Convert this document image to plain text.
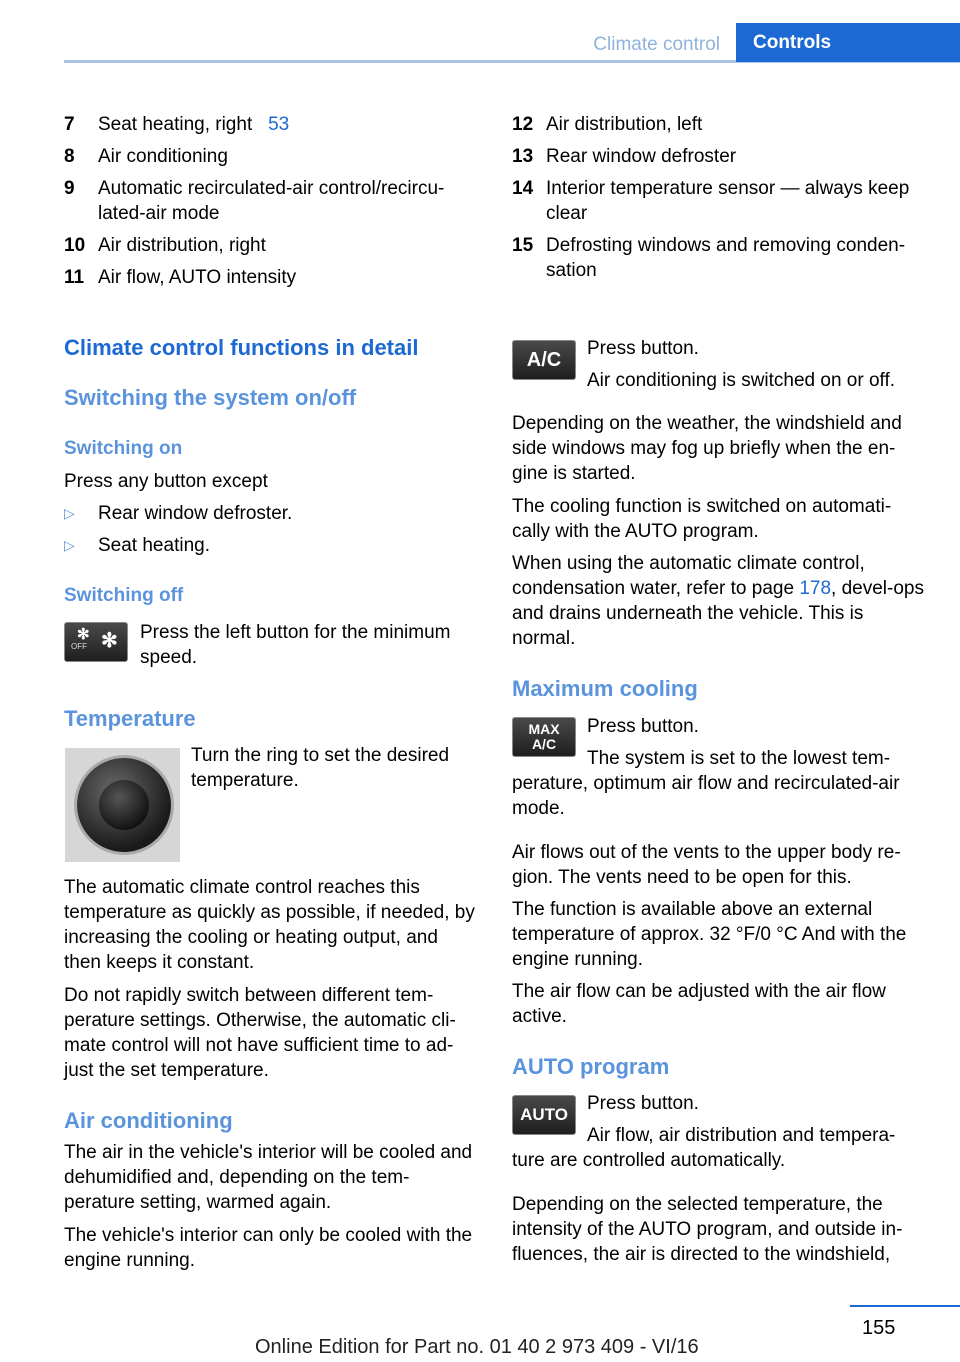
Climate control	Controls
7	Seat heating, right 53
8	Air conditioning
9	Automatic recirculated-air control/recircu-lated-air mode
10 Air distribution, right
11 Air flow, AUTO intensity
12 Air distribution, left
13 Rear window defroster
14 Interior temperature sensor — always keep clear
15 Defrosting windows and removing conden-sation
Climate control functions in detail
Switching the system on/off
Switching on
Press any button except
▷	Rear window defroster.
▷	Seat heating.
Switching off
OFF
✻ ✻ Press the left button for the minimum speed.
Temperature
Turn the ring to set the desired temperature.
The automatic climate control reaches this temperature as quickly as possible, if needed, by increasing the cooling or heating output, and then keeps it constant.
Do not rapidly switch between different tem-perature settings. Otherwise, the automatic cli-mate control will not have sufficient time to ad-just the set temperature.
Air conditioning
The air in the vehicle's interior will be cooled and dehumidified and, depending on the tem-perature setting, warmed again.
The vehicle's interior can only be cooled with the engine running.
A/C
Press button.
Air conditioning is switched on or off.
Depending on the weather, the windshield and side windows may fog up briefly when the en-gine is started.
The cooling function is switched on automati-cally with the AUTO program.
When using the automatic climate control, condensation water, refer to page 178, devel-ops and drains underneath the vehicle. This is normal.
Maximum cooling
MAX
A/C
Press button.
The system is set to the lowest tem-perature, optimum air flow and recirculated-air mode.
Air flows out of the vents to the upper body re-gion. The vents need to be open for this.
The function is available above an external temperature of approx. 32 °F/0 °C And with the engine running.
The air flow can be adjusted with the air flow active.
AUTO program
AUTO
Press button.
Air flow, air distribution and tempera-ture are controlled automatically.
Depending on the selected temperature, the intensity of the AUTO program, and outside in-fluences, the air is directed to the windshield,
155
Online Edition for Part no. 01 40 2 973 409 - VI/16
